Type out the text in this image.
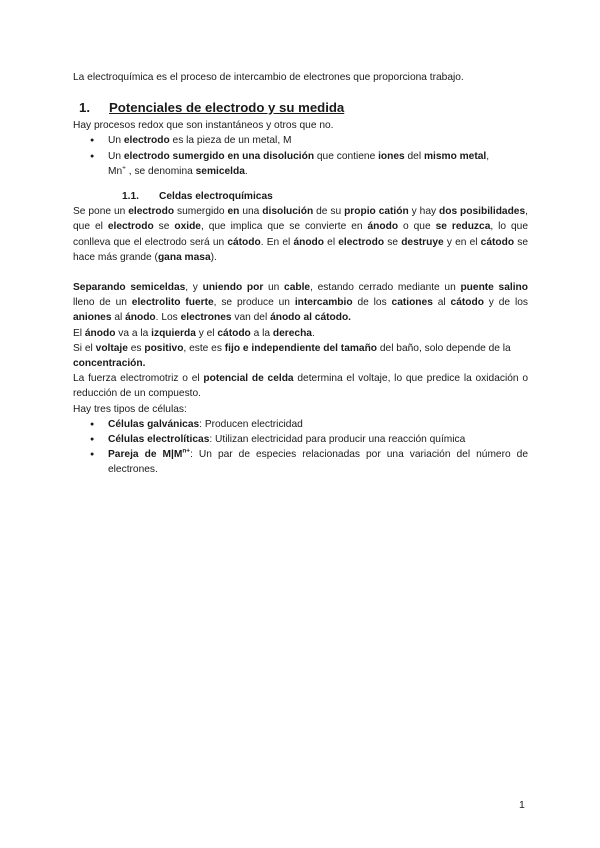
La electroquímica es el proceso de intercambio de electrones que proporciona trabajo.

1. Potenciales de electrodo y su medida

Hay procesos redox que son instantáneos y otros que no.

● Un electrodo es la pieza de un metal, M
● Un electrodo sumergido en una disolución que contiene iones del mismo metal,
Mn+ , se denomina semicelda.
1.1. Celdas electroquímicas

Se pone un electrodo sumergido en una disolución de su propio catión y hay dos posibilidades, que el electrodo se oxide, que implica que se convierte en ánodo o que se reduzca, lo que conlleva que el electrodo será un cátodo. En el ánodo el electrodo se destruye y en el cátodo se hace más grande (gana masa).

Separando semiceldas, y uniendo por un cable, estando cerrado mediante un puente salino lleno de un electrolito fuerte, se produce un intercambio de los cationes al cátodo y de los aniones al ánodo. Los electrones van del ánodo al cátodo.

El ánodo va a la izquierda y el cátodo a la derecha.

Si el voltaje es positivo, este es fijo e independiente del tamaño del baño, solo depende de la concentración.

La fuerza electromotriz o el potencial de celda determina el voltaje, lo que predice la oxidación o reducción de un compuesto.

Hay tres tipos de células:

● Células galvánicas: Producen electricidad
● Células electrolíticas: Utilizan electricidad para producir una reacción química
● Pareja de $M|M^{n+}$: Un par de especies relacionadas por una variación del número de electrones.
1
